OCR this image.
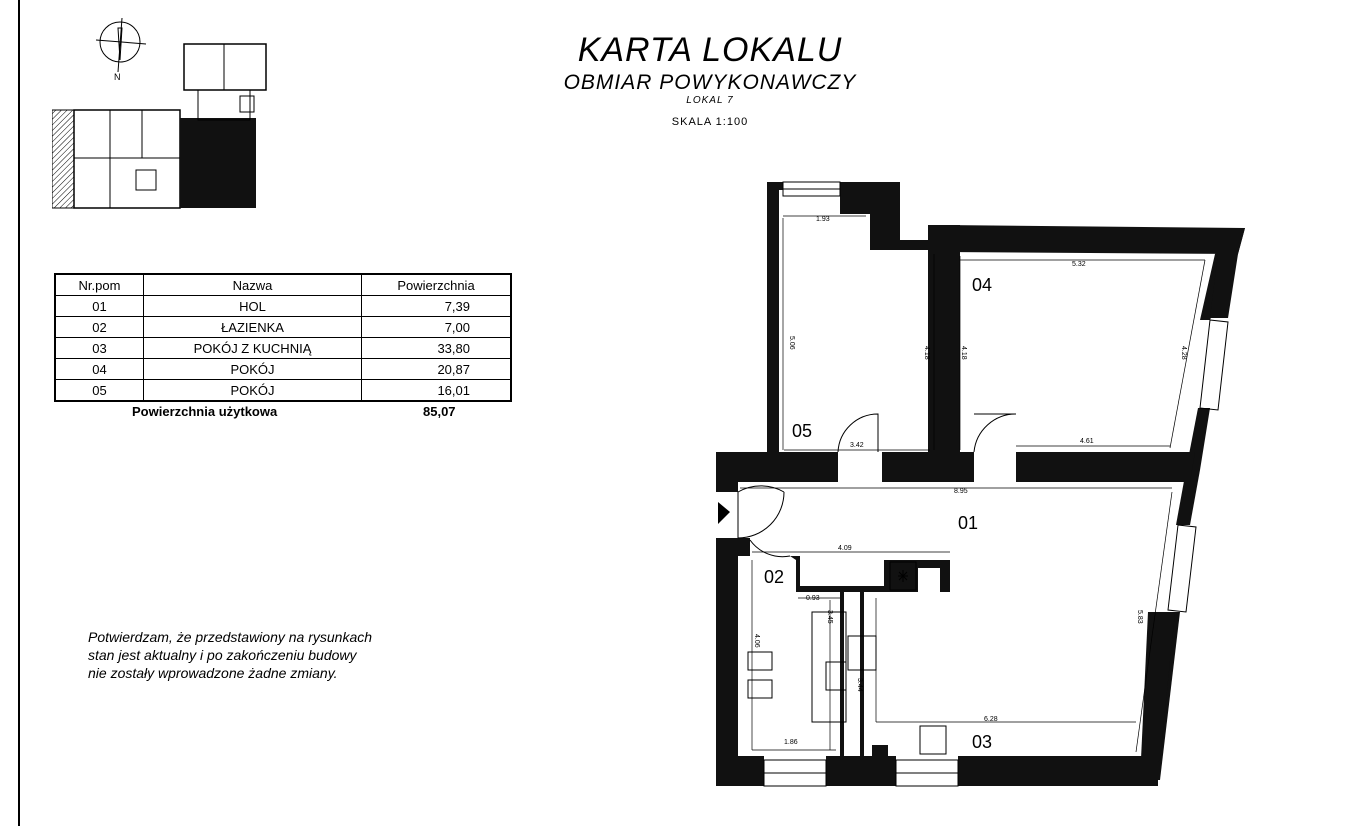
N
KARTA LOKALU
OBMIAR POWYKONAWCZY
LOKAL 7
SKALA 1:100
Nr.pom	Nazwa	Powierzchnia
01	HOL	7,39
02	ŁAZIENKA	7,00
03	POKÓJ Z KUCHNIĄ	33,80
04	POKÓJ	20,87
05	POKÓJ	16,01
Powierzchnia użytkowa	85,07
Potwierdzam, że przedstawiony na rysunkach
stan jest aktualny i po zakończeniu budowy
nie zostały wprowadzone żadne zmiany.
1.93
5.06
4.18	4.18
3.42
5.32
4.28
4.61
8.95
4.09
0.93
3.45
4.06
3.44
5.83
6.28
1.86
01
02
03
04
05
